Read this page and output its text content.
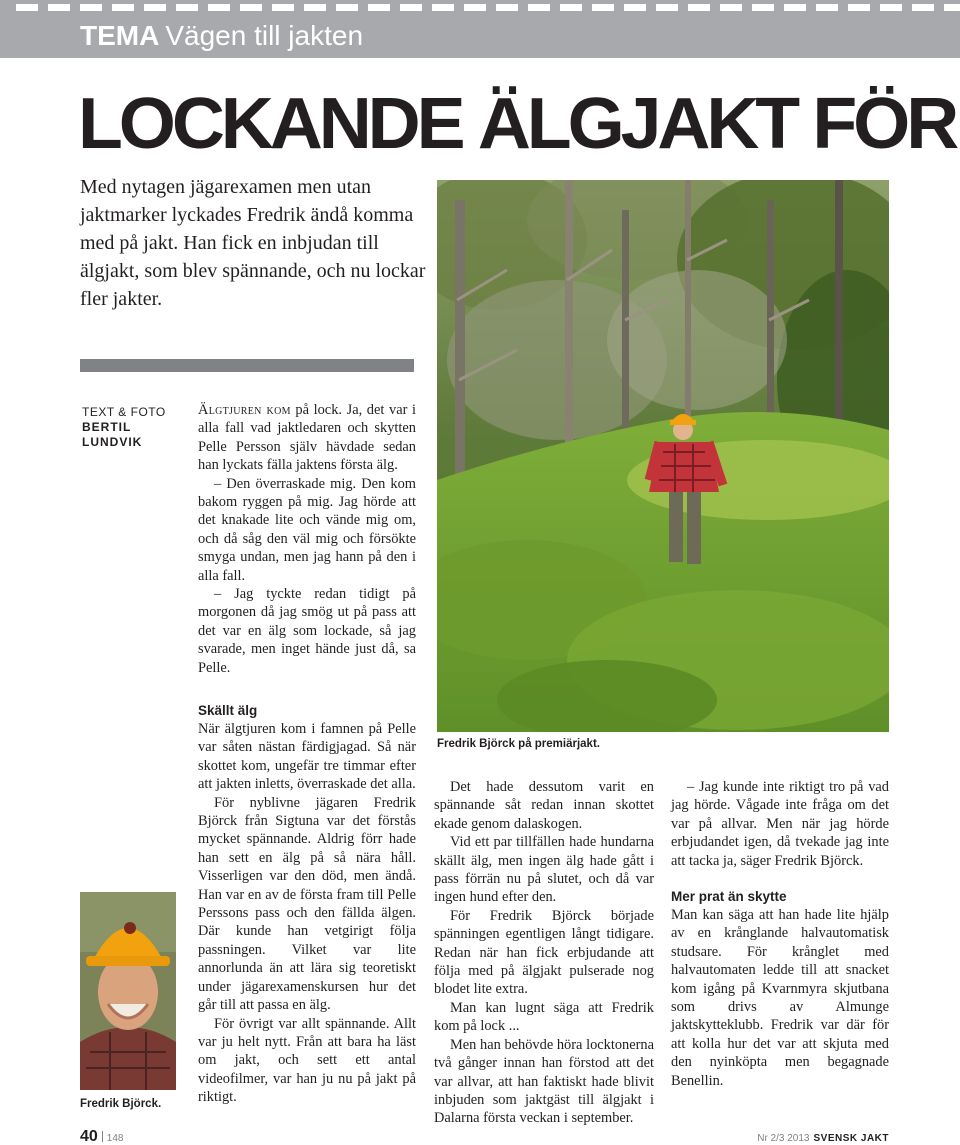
TEMA Vägen till jakten
LOCKANDE ÄLGJAKT FÖR
Med nytagen jägarexamen men utan jaktmarker lyckades Fredrik ändå komma med på jakt. Han fick en inbjudan till älgjakt, som blev spännande, och nu lockar fler jakter.
TEXT & FOTO
BERTIL LUNDVIK

Älgtjuren kom på lock. Ja, det var i alla fall vad jaktledaren och skytten Pelle Persson själv hävdade sedan han lyckats fälla jaktens första älg.

– Den överraskade mig. Den kom bakom ryggen på mig. Jag hörde att det knakade lite och vände mig om, och då såg den väl mig och försökte smyga undan, men jag hann på den i alla fall.

– Jag tyckte redan tidigt på morgonen då jag smög ut på pass att det var en älg som lockade, så jag svarade, men inget hände just då, sa Pelle.

Skällt älg

När älgtjuren kom i famnen på Pelle var såten nästan färdigjagad. Så när skottet kom, ungefär tre timmar efter att jakten inletts, överraskade det alla.

För nyblivne jägaren Fredrik Björck från Sigtuna var det förstås mycket spännande. Aldrig förr hade han sett en älg på så nära håll. Visserligen var den död, men ändå. Han var en av de första fram till Pelle Perssons pass och den fällda älgen. Där kunde han vetgirigt följa passningen. Vilket var lite annorlunda än att lära sig teoretiskt under jägarexamenskursen hur det går till att passa en älg.

För övrigt var allt spännande. Allt var ju helt nytt. Från att bara ha läst om jakt, och sett ett antal videofilmer, var han ju nu på jakt på riktigt.

Det hade dessutom varit en spännande såt redan innan skottet ekade genom dalaskogen.

Vid ett par tillfällen hade hundarna skällt älg, men ingen älg hade gått i pass förrän nu på slutet, och då var ingen hund efter den.

För Fredrik Björck började spänningen egentligen långt tidigare. Redan när han fick erbjudande att följa med på älgjakt pulserade nog blodet lite extra.

Man kan lugnt säga att Fredrik kom på lock ...

Men han behövde höra locktonerna två gånger innan han förstod att det var allvar, att han faktiskt hade blivit inbjuden som jaktgäst till älgjakt i Dalarna första veckan i september.

– Jag kunde inte riktigt tro på vad jag hörde. Vågade inte fråga om det var på allvar. Men när jag hörde erbjudandet igen, då tvekade jag inte att tacka ja, säger Fredrik Björck.

Mer prat än skytte

Man kan säga att han hade lite hjälp av en krånglande halvautomatisk studsare. För krånglet med halvautomaten ledde till att snacket kom igång på Kvarnmyra skjutbana som drivs av Almunge jaktskytteklubb. Fredrik var där för att kolla hur det var att skjuta med den nyinköpta men begagnade Benellin.

Fredrik Björck på premiärjakt.
Fredrik Björck.
40 148	Nr 2/3 2013 SVENSK JAKT
